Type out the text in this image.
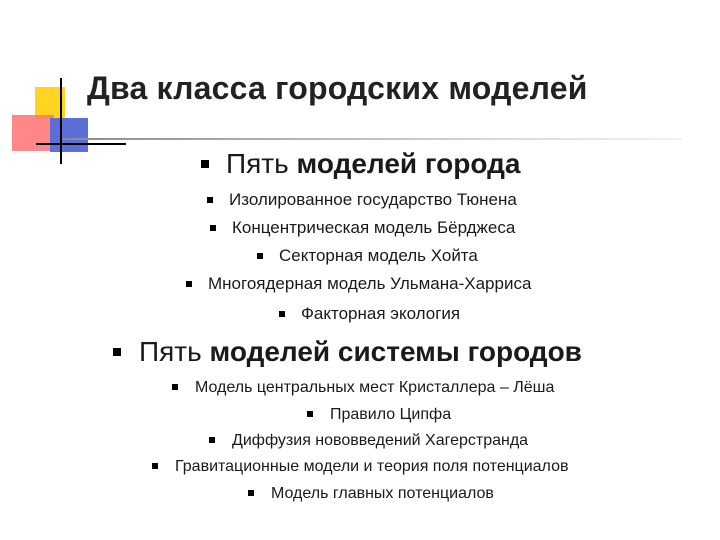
Два класса городских моделей
Пять моделей города
Изолированное государство Тюнена
Концентрическая модель Бёрджеса
Секторная модель Хойта
Многоядерная модель Ульмана-Харриса
Факторная экология
Пять моделей системы городов
Модель центральных мест Кристаллера – Лёша
Правило Ципфа
Диффузия нововведений Хагерстранда
Гравитационные модели и теория поля потенциалов
Модель главных потенциалов
